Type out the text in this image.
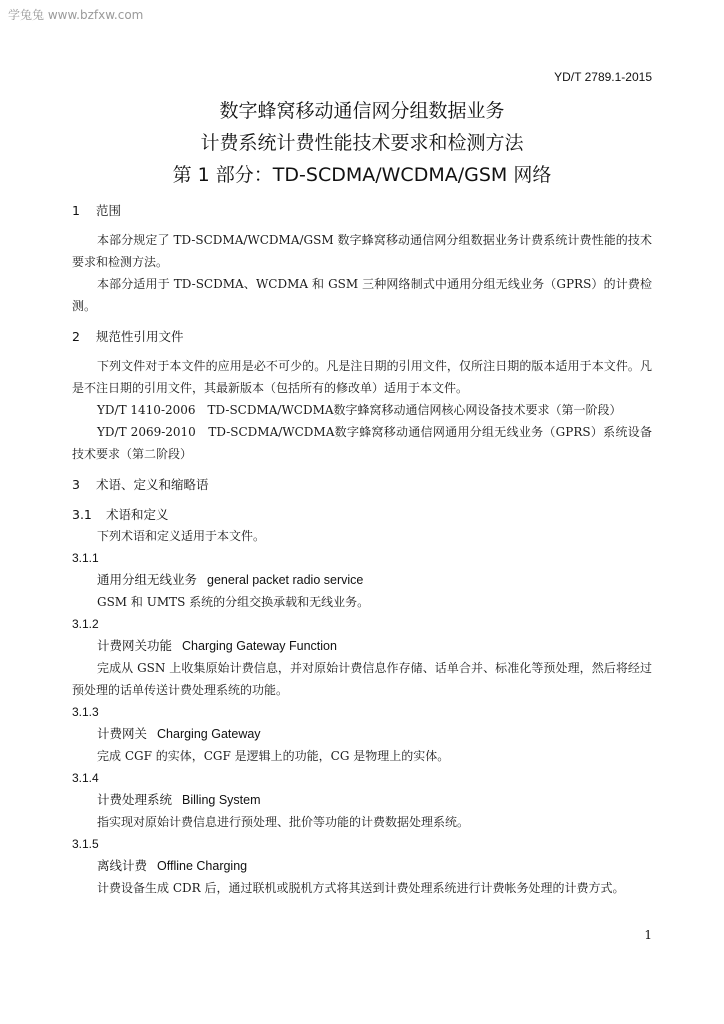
学兔兔 www.bzfxw.com
YD/T 2789.1-2015
数字蜂窝移动通信网分组数据业务
计费系统计费性能技术要求和检测方法
第 1 部分：TD-SCDMA/WCDMA/GSM 网络
1 范围
本部分规定了 TD-SCDMA/WCDMA/GSM 数字蜂窝移动通信网分组数据业务计费系统计费性能的技术要求和检测方法。
本部分适用于 TD-SCDMA、WCDMA 和 GSM 三种网络制式中通用分组无线业务（GPRS）的计费检测。
2 规范性引用文件
下列文件对于本文件的应用是必不可少的。凡是注日期的引用文件，仅所注日期的版本适用于本文件。凡是不注日期的引用文件，其最新版本（包括所有的修改单）适用于本文件。
YD/T 1410-2006　TD-SCDMA/WCDMA数字蜂窝移动通信网核心网设备技术要求（第一阶段）
YD/T 2069-2010　TD-SCDMA/WCDMA数字蜂窝移动通信网通用分组无线业务（GPRS）系统设备技术要求（第二阶段）
3 术语、定义和缩略语
3.1 术语和定义
下列术语和定义适用于本文件。
3.1.1
通用分组无线业务 general packet radio service
GSM 和 UMTS 系统的分组交换承载和无线业务。
3.1.2
计费网关功能 Charging Gateway Function
完成从 GSN 上收集原始计费信息，并对原始计费信息作存储、话单合并、标准化等预处理，然后将经过预处理的话单传送计费处理系统的功能。
3.1.3
计费网关 Charging Gateway
完成 CGF 的实体，CGF 是逻辑上的功能，CG 是物理上的实体。
3.1.4
计费处理系统 Billing System
指实现对原始计费信息进行预处理、批价等功能的计费数据处理系统。
3.1.5
离线计费 Offline Charging
计费设备生成 CDR 后，通过联机或脱机方式将其送到计费处理系统进行计费帐务处理的计费方式。
1
